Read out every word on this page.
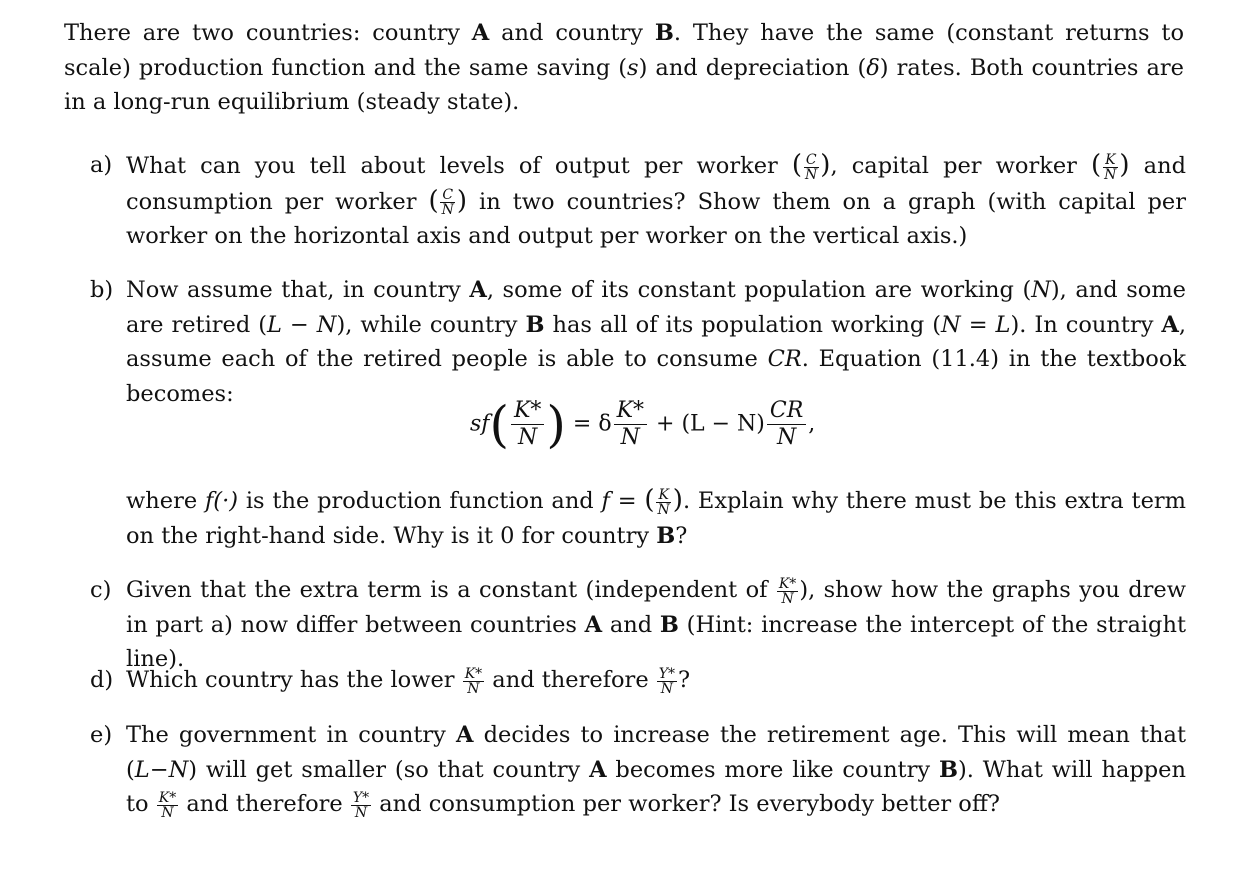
There are two countries: country A and country B. They have the same (constant returns to scale) production function and the same saving (s) and depreciation (δ) rates. Both countries are in a long-run equilibrium (steady state).
a) What can you tell about levels of output per worker ( $\frac{C}{N}$ ), capital per worker ( $\frac{K}{N}$ ) and consumption per worker ( $\frac{C}{N}$ ) in two countries? Show them on a graph (with capital per worker on the horizontal axis and output per worker on the vertical axis.)
b) Now assume that, in country A, some of its constant population are working (N), and some are retired (L − N), while country B has all of its population working (N = L). In country A, assume each of the retired people is able to consume CR. Equation (11.4) in the textbook becomes:
$sf( \frac{K*}{N}$ ) = δ $\frac{K*}{N} + (L - N) \frac{CR}{N}$ ,
where f(·) is the production function and f = ( $\frac{K}{N}$ ). Explain why there must be this extra term on the right-hand side. Why is it 0 for country B?
c) Given that the extra term is a constant (independent of $\frac{K*}{N}$ ), show how the graphs you drew in part a) now differ between countries A and B (Hint: increase the intercept of the straight line).
d) Which country has the lower $\frac{K*}{N}$ and therefore $\frac{Y*}{N}$ ?
e) The government in country A decides to increase the retirement age. This will mean that (L−N) will get smaller (so that country A becomes more like country B). What will happen to $\frac{K*}{N}$ and therefore $\frac{Y*}{N}$ and consumption per worker? Is everybody better off?
